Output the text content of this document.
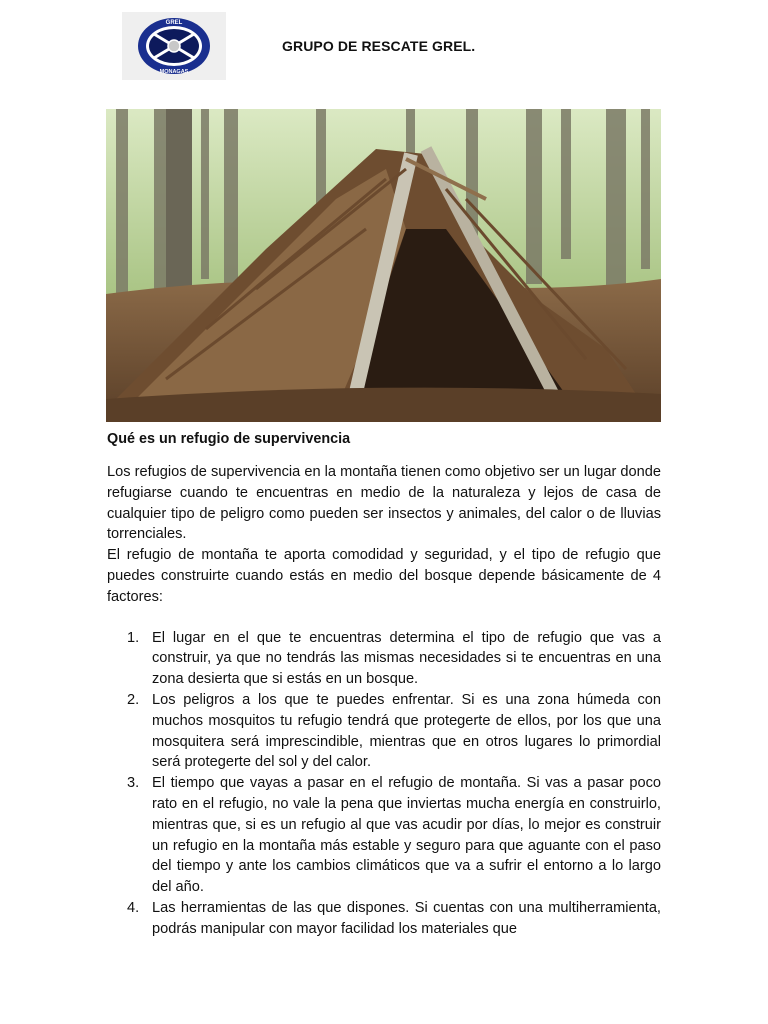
GREL
MONAGAS
GRUPO DE RESCATE GREL.
Qué es un refugio de supervivencia

Los refugios de supervivencia en la montaña tienen como objetivo ser un lugar donde refugiarse cuando te encuentras en medio de la naturaleza y lejos de casa de cualquier tipo de peligro como pueden ser insectos y animales, del calor o de lluvias torrenciales.

El refugio de montaña te aporta comodidad y seguridad, y el tipo de refugio que puedes construirte cuando estás en medio del bosque depende básicamente de 4 factores:

1. El lugar en el que te encuentras determina el tipo de refugio que vas a construir, ya que no tendrás las mismas necesidades si te encuentras en una zona desierta que si estás en un bosque.
2. Los peligros a los que te puedes enfrentar. Si es una zona húmeda con muchos mosquitos tu refugio tendrá que protegerte de ellos, por los que una mosquitera será imprescindible, mientras que en otros lugares lo primordial será protegerte del sol y del calor.
3. El tiempo que vayas a pasar en el refugio de montaña. Si vas a pasar poco rato en el refugio, no vale la pena que inviertas mucha energía en construirlo, mientras que, si es un refugio al que vas acudir por días, lo mejor es construir un refugio en la montaña más estable y seguro para que aguante con el paso del tiempo y ante los cambios climáticos que va a sufrir el entorno a lo largo del año.
4. Las herramientas de las que dispones. Si cuentas con una multiherramienta, podrás manipular con mayor facilidad los materiales que
